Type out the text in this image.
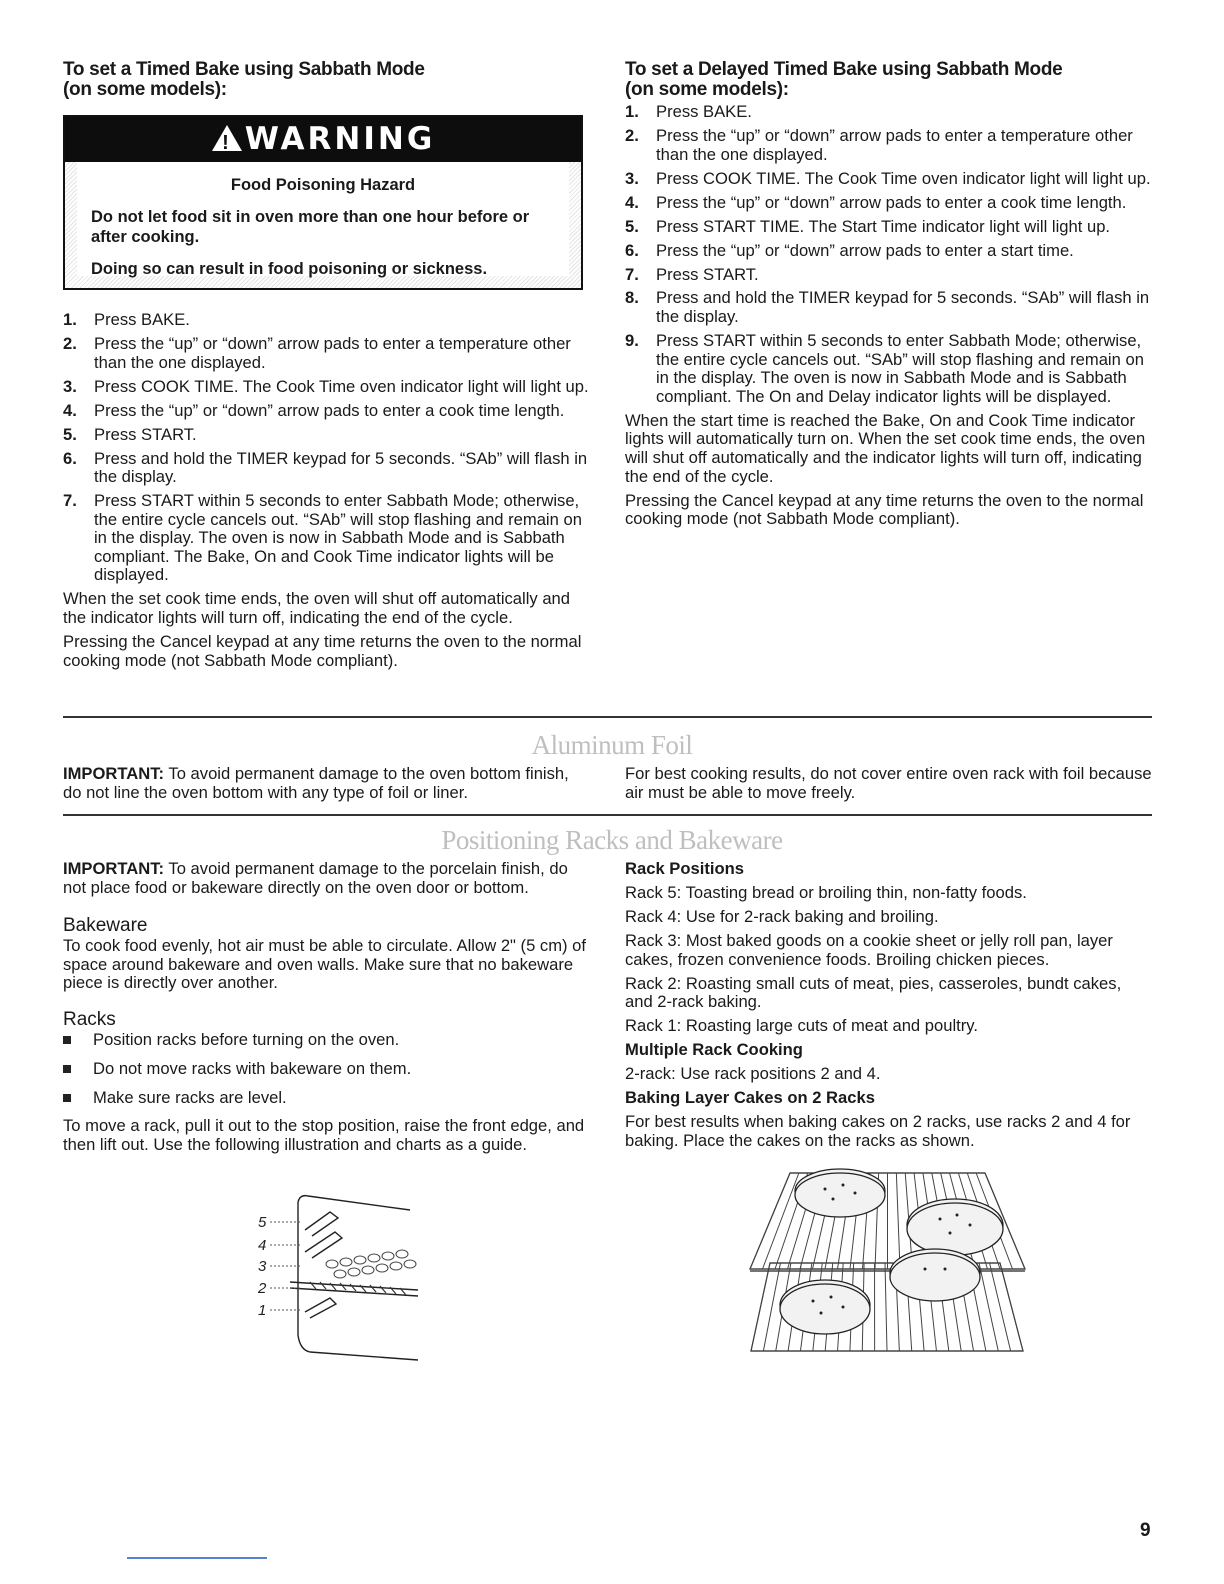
To set a Timed Bake using Sabbath Mode
(on some models):
! WARNING
Food Poisoning Hazard
Do not let food sit in oven more than one hour before or after cooking.
Doing so can result in food poisoning or sickness.
1. Press BAKE.
2. Press the “up” or “down” arrow pads to enter a temperature other than the one displayed.
3. Press COOK TIME. The Cook Time oven indicator light will light up.
4. Press the “up” or “down” arrow pads to enter a cook time length.
5. Press START.
6. Press and hold the TIMER keypad for 5 seconds. “SAb” will flash in the display.
7. Press START within 5 seconds to enter Sabbath Mode; otherwise, the entire cycle cancels out. “SAb” will stop flashing and remain on in the display. The oven is now in Sabbath Mode and is Sabbath compliant. The Bake, On and Cook Time indicator lights will be displayed.

When the set cook time ends, the oven will shut off automatically and the indicator lights will turn off, indicating the end of the cycle.

Pressing the Cancel keypad at any time returns the oven to the normal cooking mode (not Sabbath Mode compliant).

To set a Delayed Timed Bake using Sabbath Mode
(on some models):
1. Press BAKE.
2. Press the “up” or “down” arrow pads to enter a temperature other than the one displayed.
3. Press COOK TIME. The Cook Time oven indicator light will light up.
4. Press the “up” or “down” arrow pads to enter a cook time length.
5. Press START TIME. The Start Time indicator light will light up.
6. Press the “up” or “down” arrow pads to enter a start time.
7. Press START.
8. Press and hold the TIMER keypad for 5 seconds. “SAb” will flash in the display.
9. Press START within 5 seconds to enter Sabbath Mode; otherwise, the entire cycle cancels out. “SAb” will stop flashing and remain on in the display. The oven is now in Sabbath Mode and is Sabbath compliant. The On and Delay indicator lights will be displayed.

When the start time is reached the Bake, On and Cook Time indicator lights will automatically turn on. When the set cook time ends, the oven will shut off automatically and the indicator lights will turn off, indicating the end of the cycle.

Pressing the Cancel keypad at any time returns the oven to the normal cooking mode (not Sabbath Mode compliant).

Aluminum Foil
IMPORTANT: To avoid permanent damage to the oven bottom finish, do not line the oven bottom with any type of foil or liner.
For best cooking results, do not cover entire oven rack with foil because air must be able to move freely.
Positioning Racks and Bakeware

IMPORTANT: To avoid permanent damage to the porcelain finish, do not place food or bakeware directly on the oven door or bottom.

Bakeware

To cook food evenly, hot air must be able to circulate. Allow 2" (5 cm) of space around bakeware and oven walls. Make sure that no bakeware piece is directly over another.

Racks

Position racks before turning on the oven.
Do not move racks with bakeware on them.
Make sure racks are level.

To move a rack, pull it out to the stop position, raise the front edge, and then lift out. Use the following illustration and charts as a guide.

5
4
3
2
1

Rack Positions

Rack 5: Toasting bread or broiling thin, non-fatty foods.

Rack 4: Use for 2-rack baking and broiling.

Rack 3: Most baked goods on a cookie sheet or jelly roll pan, layer cakes, frozen convenience foods. Broiling chicken pieces.

Rack 2: Roasting small cuts of meat, pies, casseroles, bundt cakes, and 2-rack baking.

Rack 1: Roasting large cuts of meat and poultry.

Multiple Rack Cooking

2-rack: Use rack positions 2 and 4.

Baking Layer Cakes on 2 Racks

For best results when baking cakes on 2 racks, use racks 2 and 4 for baking. Place the cakes on the racks as shown.

9
